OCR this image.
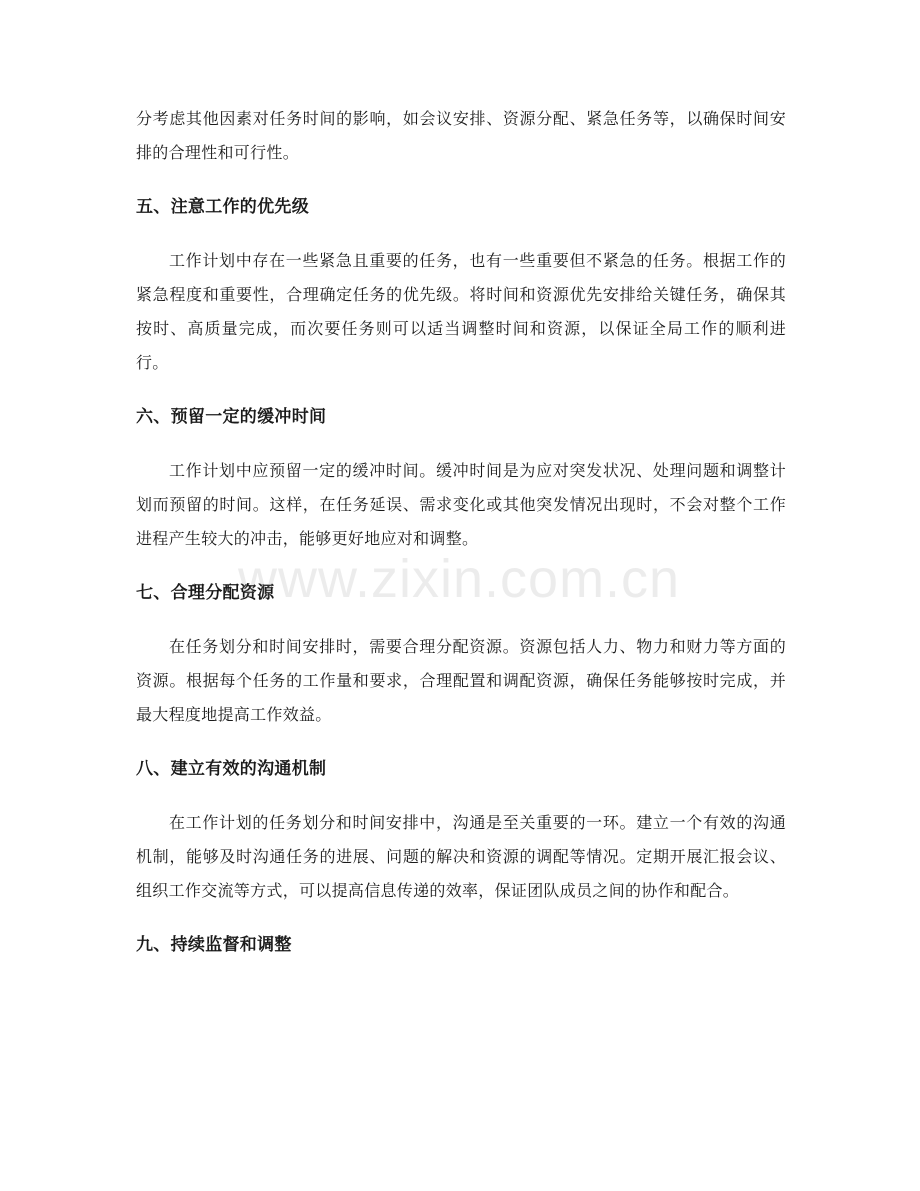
分考虑其他因素对任务时间的影响，如会议安排、资源分配、紧急任务等，以确保时间安排的合理性和可行性。

五、注意工作的优先级

工作计划中存在一些紧急且重要的任务，也有一些重要但不紧急的任务。根据工作的紧急程度和重要性，合理确定任务的优先级。将时间和资源优先安排给关键任务，确保其按时、高质量完成，而次要任务则可以适当调整时间和资源，以保证全局工作的顺利进行。

六、预留一定的缓冲时间

工作计划中应预留一定的缓冲时间。缓冲时间是为应对突发状况、处理问题和调整计划而预留的时间。这样，在任务延误、需求变化或其他突发情况出现时，不会对整个工作进程产生较大的冲击，能够更好地应对和调整。

七、合理分配资源

在任务划分和时间安排时，需要合理分配资源。资源包括人力、物力和财力等方面的资源。根据每个任务的工作量和要求，合理配置和调配资源，确保任务能够按时完成，并最大程度地提高工作效益。

八、建立有效的沟通机制

在工作计划的任务划分和时间安排中，沟通是至关重要的一环。建立一个有效的沟通机制，能够及时沟通任务的进展、问题的解决和资源的调配等情况。定期开展汇报会议、组织工作交流等方式，可以提高信息传递的效率，保证团队成员之间的协作和配合。

九、持续监督和调整
www.zixin.com.cn
